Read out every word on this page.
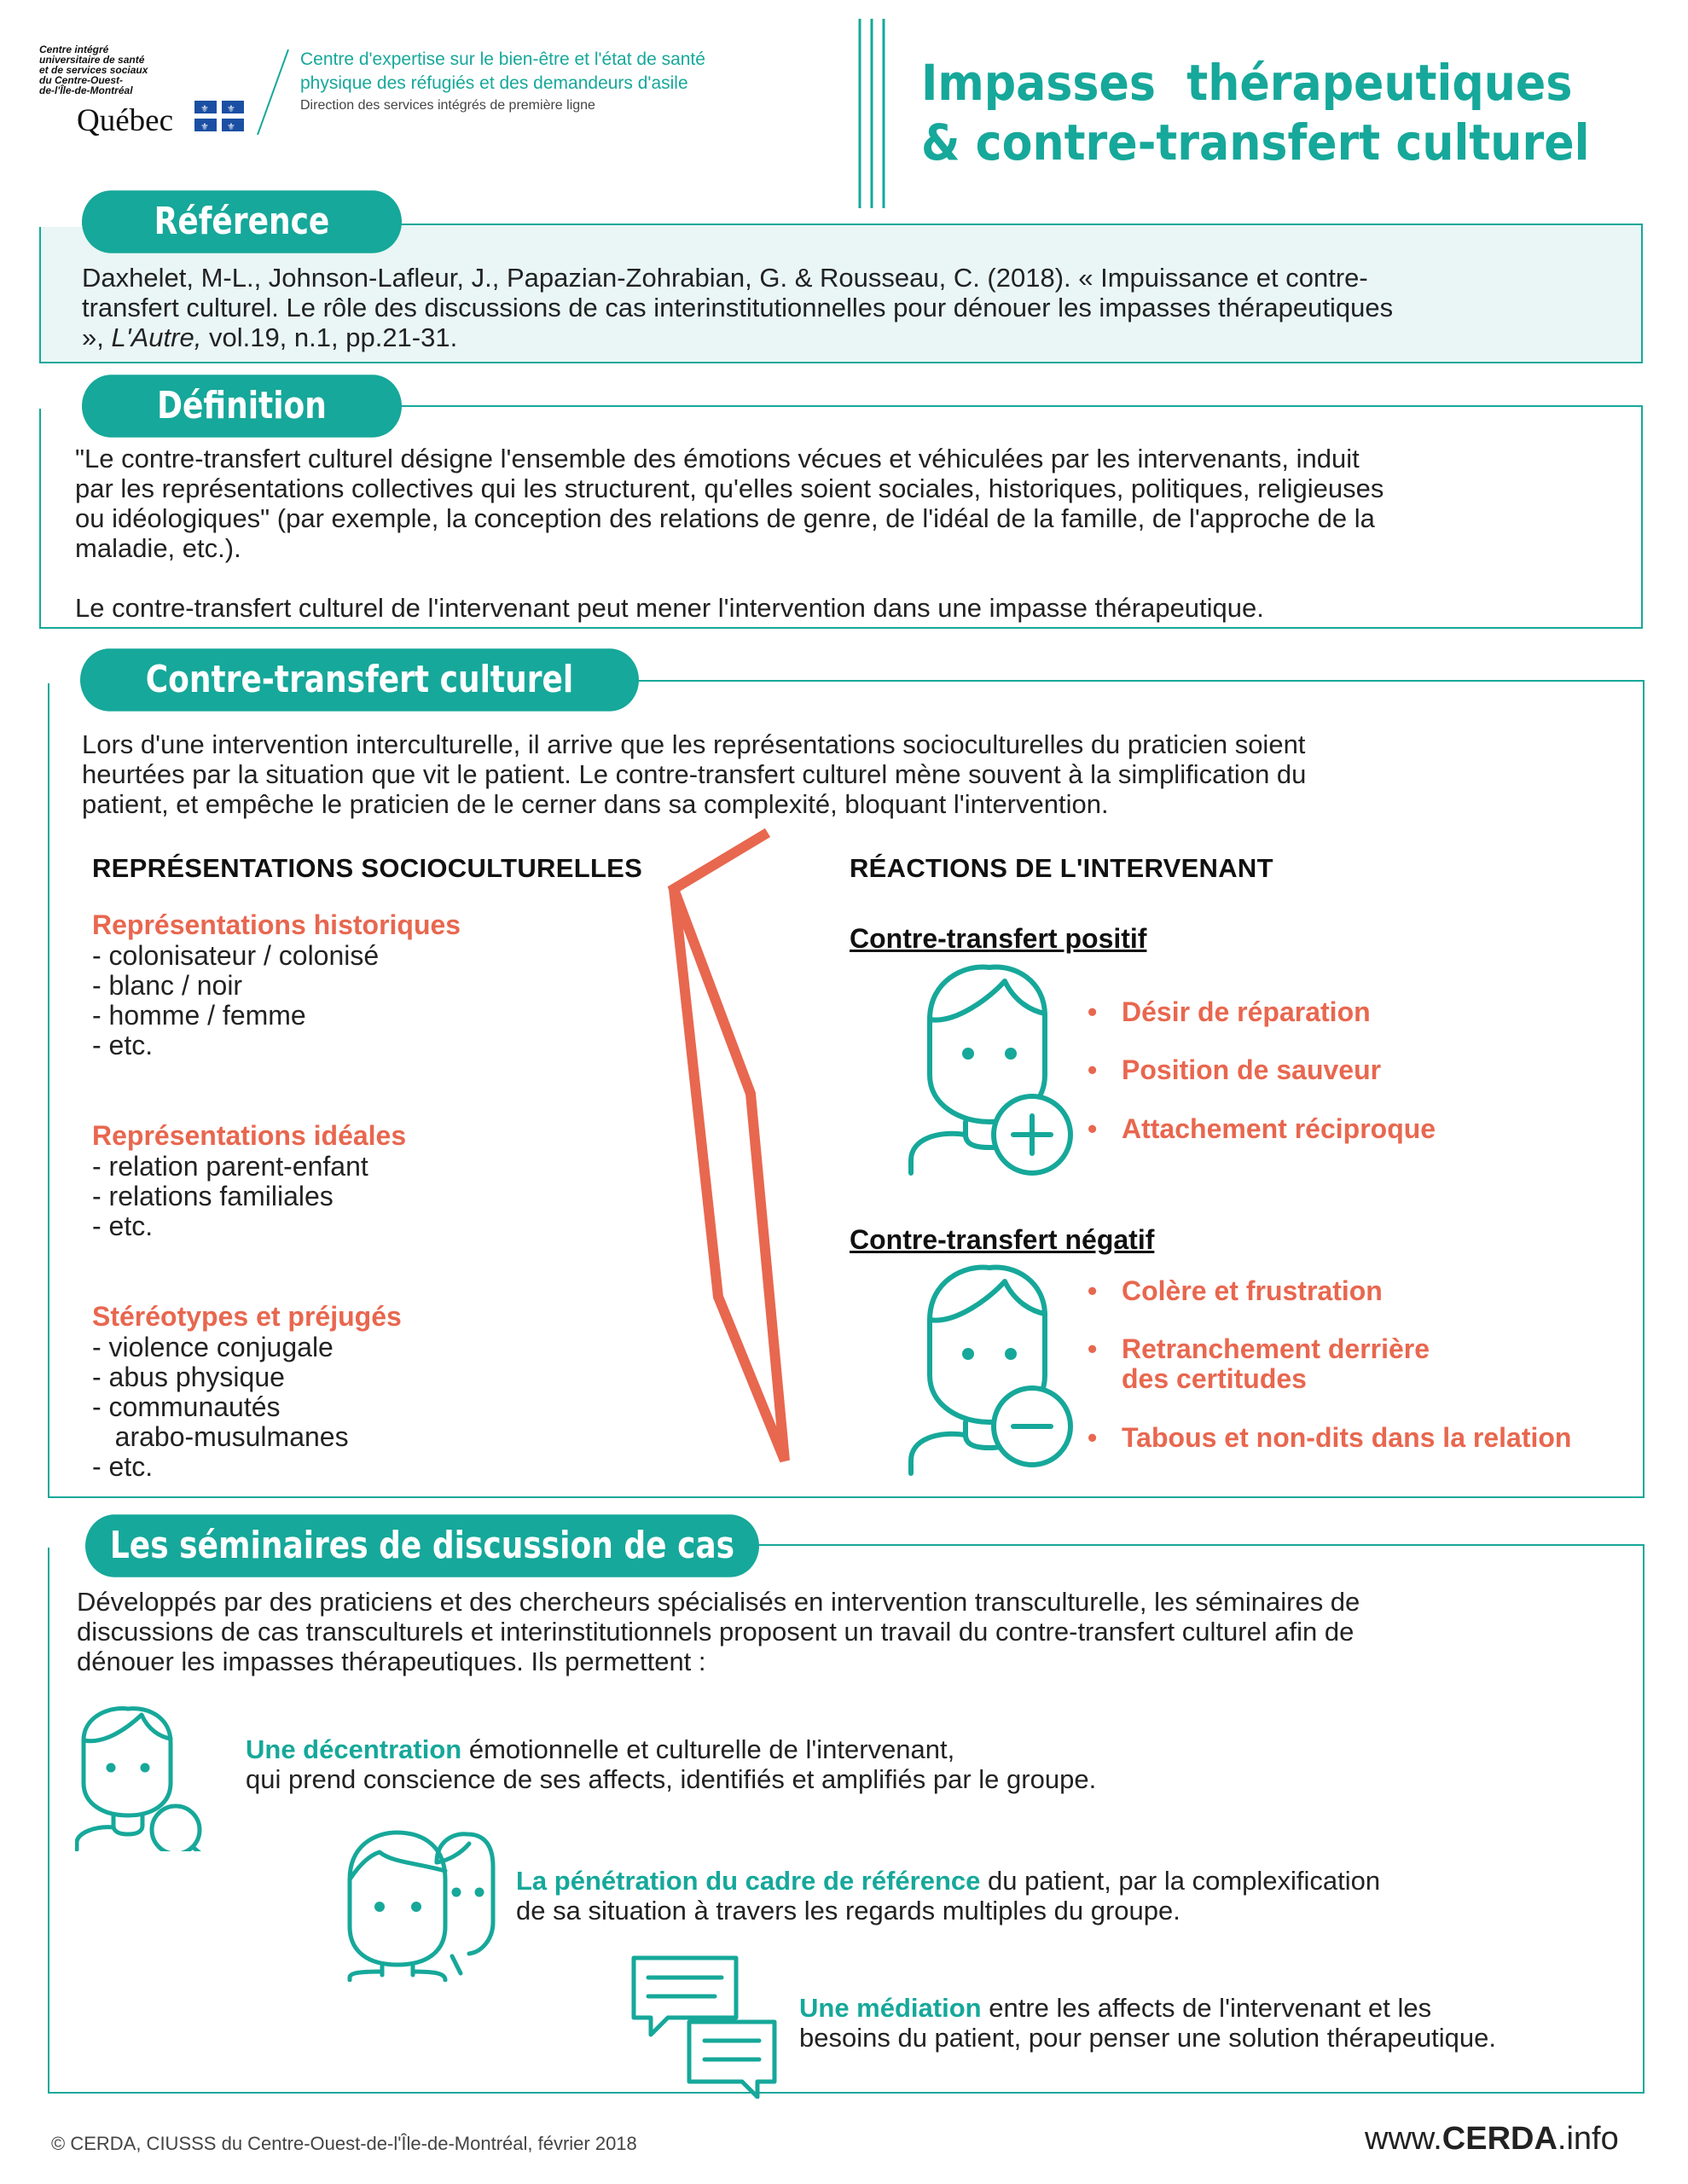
Centre intégré
universitaire de santé
et de services sociaux
du Centre-Ouest-
de-l'Île-de-Montréal
Québec	⚜ ⚜
⚜ ⚜
Centre d'expertise sur le bien-être et l'état de santé
physique des réfugiés et des demandeurs d'asile
Direction des services intégrés de première ligne	Impasses  thérapeutiques
& contre-transfert culturel
Référence
Daxhelet, M-L., Johnson-Lafleur, J., Papazian-Zohrabian, G. & Rousseau, C. (2018). « Impuissance et contre-
transfert culturel. Le rôle des discussions de cas interinstitutionnelles pour dénouer les impasses thérapeutiques
», L'Autre, vol.19, n.1, pp.21-31.
Définition
"Le contre-transfert culturel désigne l'ensemble des émotions vécues et véhiculées par les intervenants, induit
par les représentations collectives qui les structurent, qu'elles soient sociales, historiques, politiques, religieuses
ou idéologiques" (par exemple, la conception des relations de genre, de l'idéal de la famille, de l'approche de la
maladie, etc.).
Le contre-transfert culturel de l'intervenant peut mener l'intervention dans une impasse thérapeutique.
Contre-transfert culturel
Lors d'une intervention interculturelle, il arrive que les représentations socioculturelles du praticien soient
heurtées par la situation que vit le patient. Le contre-transfert culturel mène souvent à la simplification du
patient, et empêche le praticien de le cerner dans sa complexité, bloquant l'intervention.
REPRÉSENTATIONS SOCIOCULTURELLES	RÉACTIONS DE L'INTERVENANT
Représentations historiques
- colonisateur / colonisé
- blanc / noir
- homme / femme
- etc.
Représentations idéales
- relation parent-enfant
- relations familiales
- etc.
Stéréotypes et préjugés
- violence conjugale
- abus physique
- communautés
arabo-musulmanes
- etc.
Contre-transfert positif
• Désir de réparation
• Position de sauveur
• Attachement réciproque
Contre-transfert négatif
• Colère et frustration
• Retranchement derrière
des certitudes
• Tabous et non-dits dans la relation
Les séminaires de discussion de cas
Développés par des praticiens et des chercheurs spécialisés en intervention transculturelle, les séminaires de
discussions de cas transculturels et interinstitutionnels proposent un travail du contre-transfert culturel afin de
dénouer les impasses thérapeutiques. Ils permettent :
Une décentration émotionnelle et culturelle de l'intervenant,
qui prend conscience de ses affects, identifiés et amplifiés par le groupe.
La pénétration du cadre de référence du patient, par la complexification
de sa situation à travers les regards multiples du groupe.
Une médiation entre les affects de l'intervenant et les
besoins du patient, pour penser une solution thérapeutique.
© CERDA, CIUSSS du Centre-Ouest-de-l'Île-de-Montréal, février 2018	www.CERDA.info
